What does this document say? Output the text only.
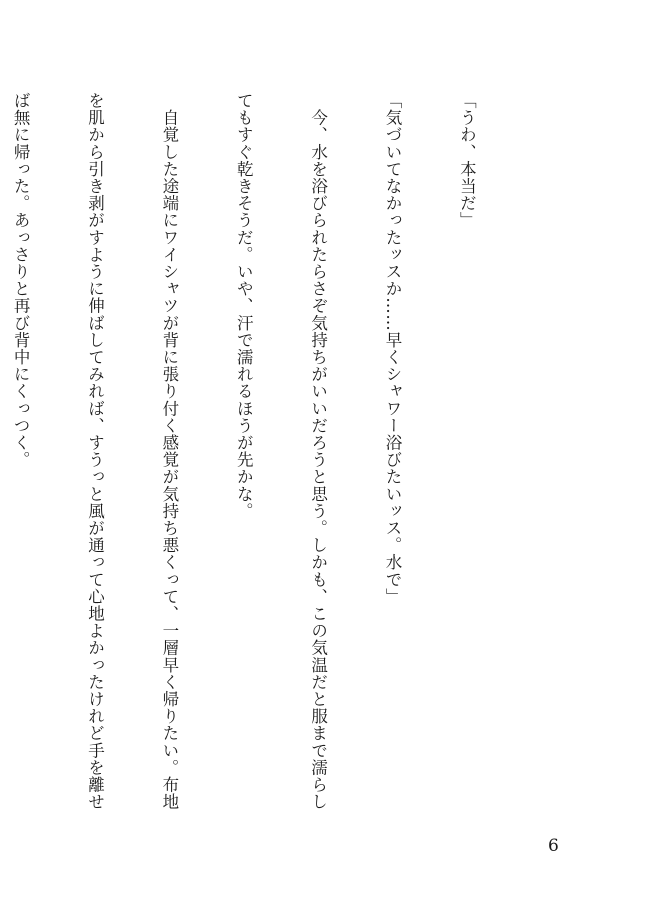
「うわ、本当だ」

「気づいてなかったッスか……早くシャワー浴びたいッス。水で」

　今、水を浴びられたらさぞ気持ちがいいだろうと思う。しかも、この気温だと服まで濡らし

てもすぐ乾きそうだ。いや、汗で濡れるほうが先かな。

　自覚した途端にワイシャツが背に張り付く感覚が気持ち悪くって、一層早く帰りたい。布地

を肌から引き剥がすように伸ばしてみれば、すうっと風が通って心地よかったけれど手を離せ

ば無に帰った。あっさりと再び背中にくっつく。

6
